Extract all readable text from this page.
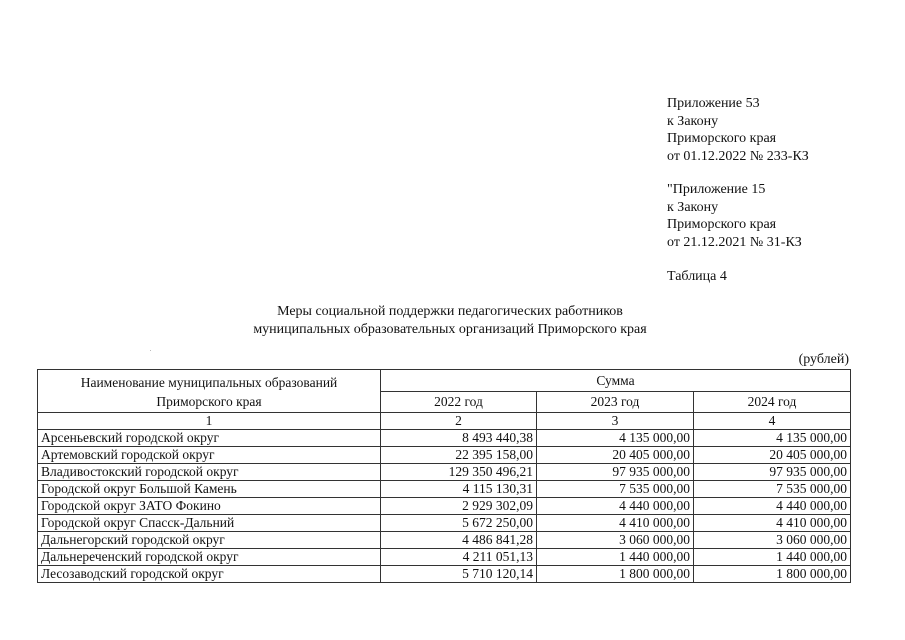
Приложение 53
к Закону
Приморского края
от 01.12.2022 № 233-КЗ
"Приложение 15
к Закону
Приморского края
от 21.12.2021 № 31-КЗ
Таблица 4
Меры социальной поддержки педагогических работников
муниципальных образовательных организаций Приморского края
(рублей)
Наименование муниципальных образований Приморского края	Сумма		
	2022 год	2023 год	2024 год
1	2	3	4
Арсеньевский городской округ	8 493 440,38	4 135 000,00	4 135 000,00
Артемовский городской округ	22 395 158,00	20 405 000,00	20 405 000,00
Владивостокский городской округ	129 350 496,21	97 935 000,00	97 935 000,00
Городской округ Большой Камень	4 115 130,31	7 535 000,00	7 535 000,00
Городской округ ЗАТО Фокино	2 929 302,09	4 440 000,00	4 440 000,00
Городской округ Спасск-Дальний	5 672 250,00	4 410 000,00	4 410 000,00
Дальнегорский городской округ	4 486 841,28	3 060 000,00	3 060 000,00
Дальнереченский городской округ	4 211 051,13	1 440 000,00	1 440 000,00
Лесозаводский городской округ	5 710 120,14	1 800 000,00	1 800 000,00
